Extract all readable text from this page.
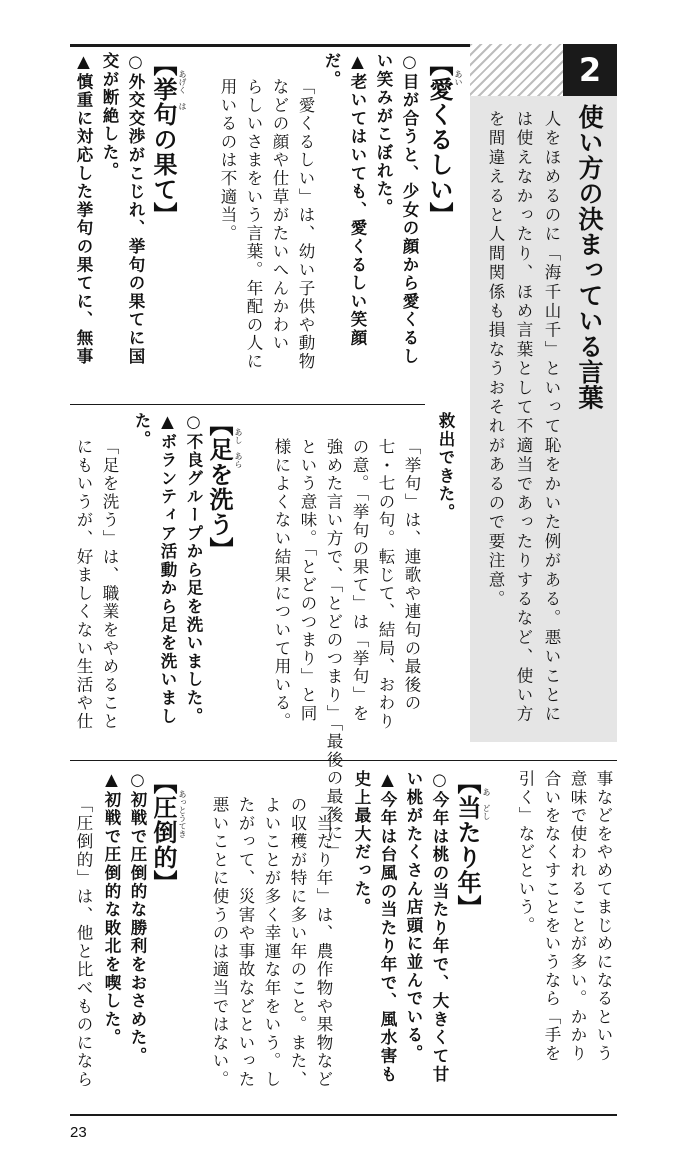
2

使い方の決まっている言葉

人をほめるのに「海千山千」といって恥をかいた例がある。悪いことに

は使えなかったり、ほめ言葉として不適当であったりするなど、使い方

を間違えると人間関係も損なうおそれがあるので要注意。

【愛くるしい】 あい

○目が合うと、少女の顔から愛くるし
い笑みがこぼれた。

▲老いてはいても、愛くるしい笑顔
だ。

「愛くるしい」は、幼い子供や動物
などの顔や仕草がたいへんかわい
らしいさまをいう言葉。年配の人に
用いるのは不適当。

【挙句の果て】 あげく　は

○外交交渉がこじれ、挙句の果てに国
交が断絶した。

▲慎重に対応した挙句の果てに、無事

救出できた。

「挙句」は、連歌や連句の最後の
七・七の句。転じて、結局、おわり
の意。「挙句の果て」は「挙句」を
強めた言い方で、「とどのつまり」「最後の最後に」
という意味。「とどのつまり」と同
様によくない結果について用いる。

【足を洗う】 あし　あら

○不良グループから足を洗いました。

▲ボランティア活動から足を洗いまし
た。

「足を洗う」は、職業をやめること
にもいうが、好ましくない生活や仕

事などをやめてまじめになるという
意味で使われることが多い。かかり
合いをなくすことをいうなら「手を
引く」などという。

【当たり年】 あ　どし

○今年は桃の当たり年で、大きくて甘
い桃がたくさん店頭に並んでいる。

▲今年は台風の当たり年で、風水害も
史上最大だった。

「当たり年」は、農作物や果物など
の収穫が特に多い年のこと。また、
よいことが多く幸運な年をいう。し
たがって、災害や事故などといった
悪いことに使うのは適当ではない。

【圧倒的】 あっとうてき

○初戦で圧倒的な勝利をおさめた。

▲初戦で圧倒的な敗北を喫した。

「圧倒的」は、他と比べものになら

23
